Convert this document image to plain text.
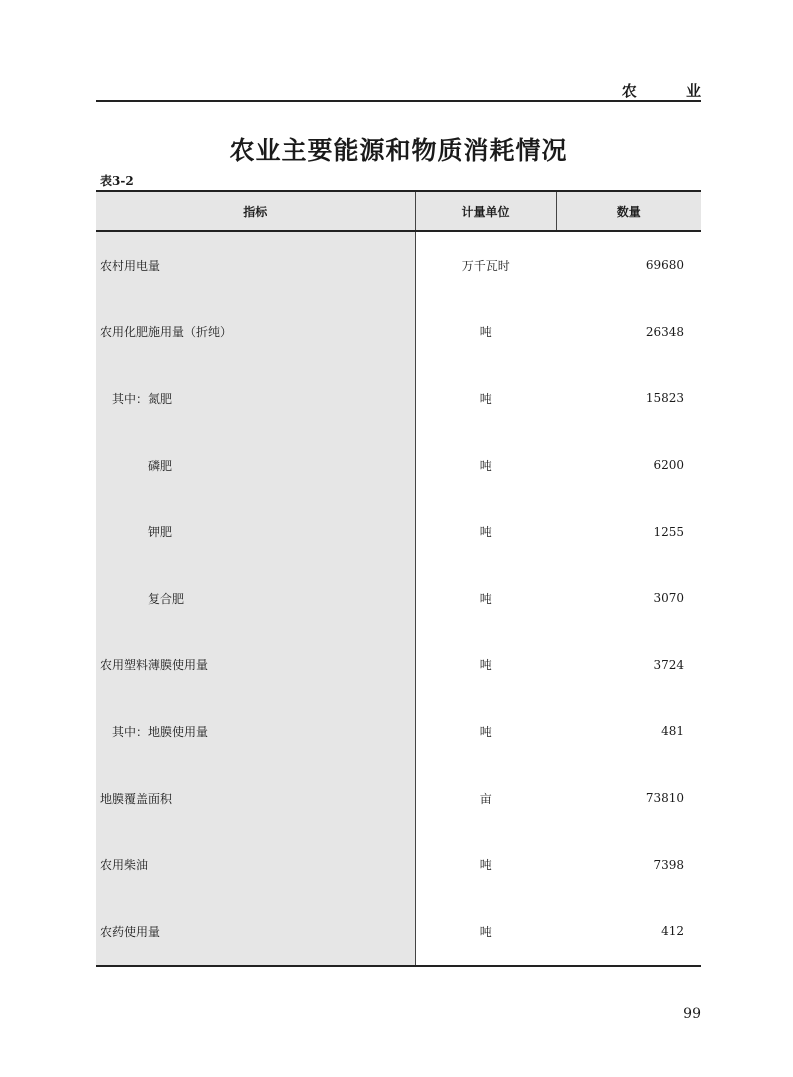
农 业
农业主要能源和物质消耗情况
表3-2
指标	计量单位	数量
农村用电量	万千瓦时	69680
农用化肥施用量（折纯）	吨	26348
其中：氮肥	吨	15823
磷肥	吨	6200
钾肥	吨	1255
复合肥	吨	3070
农用塑料薄膜使用量	吨	3724
其中：地膜使用量	吨	481
地膜覆盖面积	亩	73810
农用柴油	吨	7398
农药使用量	吨	412
99
